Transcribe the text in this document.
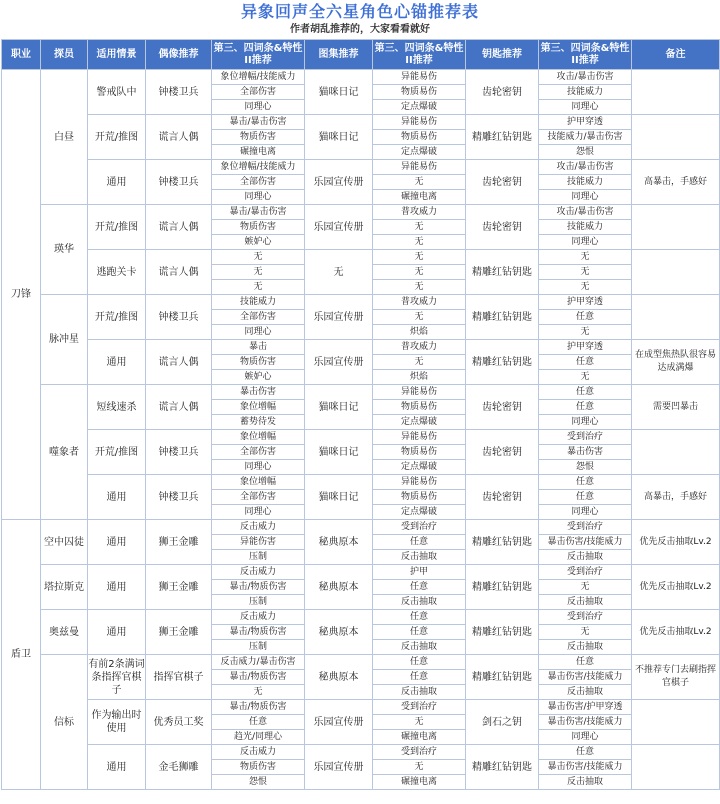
异象回声全六星角色心锚推荐表
作者胡乱推荐的，大家看看就好
职业	探员	适用情景	偶像推荐	第三、四词条&特性II推荐	图集推荐	第三、四词条&特性II推荐	钥匙推荐	第三、四词条&特性II推荐	备注
刀锋	白昼	警戒队中	钟楼卫兵	象位增幅/技能威力	猫咪日记	异能易伤	齿轮密钥	攻击/暴击伤害	
				全部伤害		物质易伤		技能威力	
				同理心		定点爆破		同理心	
		开荒/推图	谎言人偶	暴击/暴击伤害	猫咪日记	异能易伤	精雕红钻钥匙	护甲穿透	
				物质伤害		物质易伤		技能威力/暴击伤害	
				碾撞电离		定点爆破		怨恨	
		通用	钟楼卫兵	象位增幅/技能威力	乐园宣传册	异能易伤	齿轮密钥	攻击/暴击伤害	高暴击，手感好
				全部伤害		无		技能威力	
				同理心		碾撞电离		同理心	
	瑛华	开荒/推图	谎言人偶	暴击/暴击伤害	乐园宣传册	普攻威力	齿轮密钥	攻击/暴击伤害	
				物质伤害		无		技能威力	
				嫉妒心		无		同理心	
		逃跑关卡	谎言人偶	无	无	无	精雕红钻钥匙	无	
				无		无		无	
				无		无		无	
	脉冲星	开荒/推图	钟楼卫兵	技能威力	乐园宣传册	普攻威力	精雕红钻钥匙	护甲穿透	
				全部伤害		无		任意	
				同理心		炽焰		无	
		通用	谎言人偶	暴击	乐园宣传册	普攻威力	精雕红钻钥匙	护甲穿透	在成型焦热队很容易达成满爆
				物质伤害		无		任意	
				嫉妒心		炽焰		无	
	噬象者	短线速杀	谎言人偶	暴击伤害	猫咪日记	异能易伤	齿轮密钥	任意	需要凹暴击
				象位增幅		物质易伤		任意	
				蓄势待发		定点爆破		同理心	
		开荒/推图	钟楼卫兵	象位增幅	猫咪日记	异能易伤	齿轮密钥	受到治疗	
				全部伤害		物质易伤		暴击伤害	
				同理心		定点爆破		怨恨	
		通用	钟楼卫兵	象位增幅	猫咪日记	异能易伤	齿轮密钥	任意	高暴击，手感好
				全部伤害		物质易伤		任意	
				同理心		定点爆破		同理心	
盾卫	空中囚徒	通用	狮王金雕	反击威力	秘典原本	受到治疗	精雕红钻钥匙	受到治疗	优先反击抽取Lv.2
				异能伤害		任意		暴击伤害/技能威力	
				压制		反击抽取		反击抽取	
	塔拉斯克	通用	狮王金雕	反击威力	秘典原本	护甲	精雕红钻钥匙	受到治疗	优先反击抽取Lv.2
				暴击/物质伤害		任意		无	
				压制		反击抽取		反击抽取	
	奥兹曼	通用	狮王金雕	反击威力	秘典原本	任意	精雕红钻钥匙	受到治疗	优先反击抽取Lv.2
				暴击/物质伤害		任意		无	
				压制		反击抽取		反击抽取	
	信标	有前2条满词条指挥官棋子	指挥官棋子	反击威力/暴击伤害	秘典原本	任意	精雕红钻钥匙	任意	不推荐专门去刷指挥官棋子
				暴击/物质伤害		任意		暴击伤害/技能威力	
				无		反击抽取		反击抽取	
		作为输出时使用	优秀员工奖	暴击/物质伤害	乐园宣传册	受到治疗	剑石之钥	暴击伤害/护甲穿透	
				任意		无		暴击伤害/技能威力	
				趋光/同理心		碾撞电离		同理心	
		通用	金毛狮雕	反击威力	乐园宣传册	受到治疗	精雕红钻钥匙	任意	
				物质伤害		无		暴击伤害/技能威力	
				怨恨		碾撞电离		反击抽取	
